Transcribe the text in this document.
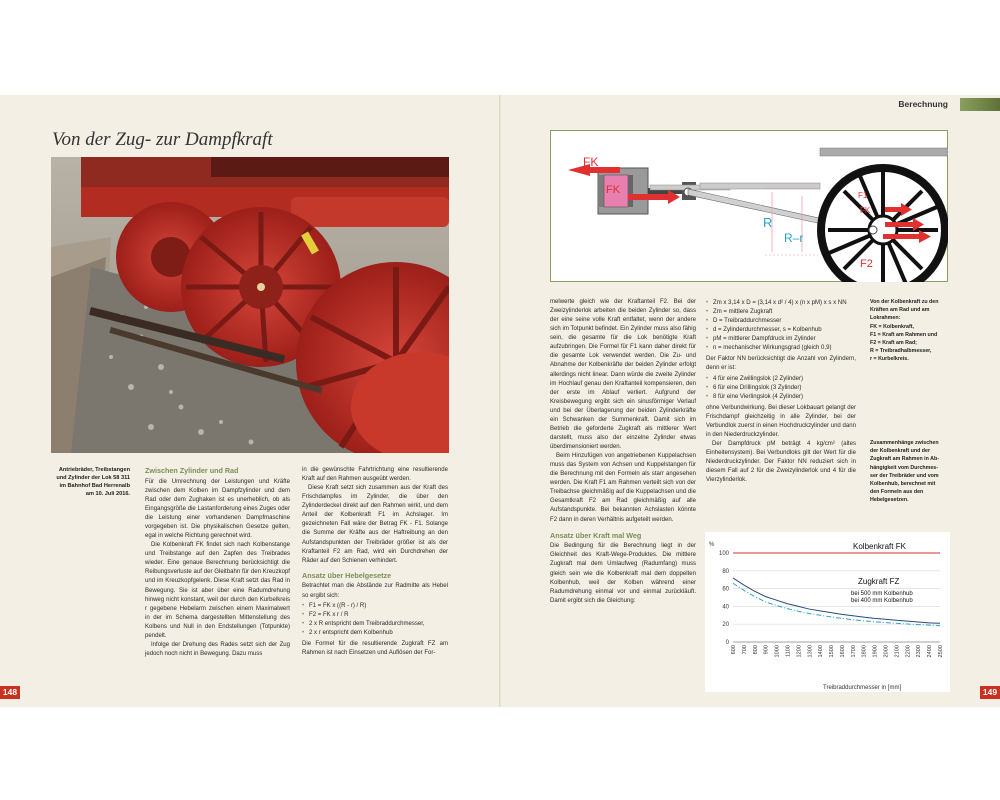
Von der Zug- zur Dampfkraft
Antriebräder, Treibstangen und Zylinder der Lok 58 311 im Bahnhof Bad Herrenalb am 10. Juli 2016.
Zwischen Zylinder und Rad

Für die Umrechnung der Leistungen und Kräfte zwischen dem Kolben im Dampfzylinder und dem Rad oder dem Zughaken ist es unerheblich, ob als Eingangsgröße die Lastanforderung eines Zuges oder die Leistung einer vorhandenen Dampfmaschine vorgegeben ist. Die physikalischen Gesetze gelten, egal in welche Richtung gerechnet wird.

Die Kolbenkraft FK findet sich nach Kolbenstange und Treibstange auf den Zapfen des Treibrades wieder. Eine genaue Berechnung berücksichtigt die Reibungsverluste auf der Gleitbahn für den Kreuzkopf und im Kreuzkopfgelenk. Diese Kraft setzt das Rad in Bewegung. Sie ist aber über eine Radumdrehung hinweg nicht konstant, weil der durch den Kurbelkreis r gegebene Hebelarm zwischen einem Maximalwert in der im Schema dargestellten Mittenstellung des Kolbens und Null in den Endstellungen (Totpunkte) pendelt.

Infolge der Drehung des Rades setzt sich der Zug jedoch noch nicht in Bewegung. Dazu muss

in die gewünschte Fahrtrichtung eine resultierende Kraft auf den Rahmen ausgeübt werden.

Diese Kraft setzt sich zusammen aus der Kraft des Frischdampfes im Zylinder, die über den Zylinderdeckel direkt auf den Rahmen wirkt, und dem Anteil der Kolbenkraft F1 im Achslager. Im gezeichneten Fall wäre der Betrag FK - F1. Solange die Summe der Kräfte aus der Haftreibung an den Aufstandspunkten der Treibräder größer ist als der Kraftanteil F2 am Rad, wird ein Durchdrehen der Räder auf den Schienen verhindert.

Ansatz über Hebelgesetze

Betrachtet man die Abstände zur Radmitte als Hebel so ergibt sich:

• F1 = FK x ((R - r) / R)
• F2 = FK x r / R
• 2 x R entspricht dem Treibraddurchmesser,
• 2 x r entspricht dem Kolbenhub

Die Formel für die resultierende Zugkraft FZ am Rahmen ist nach Einsetzen und Auflösen der For-

148
Berechnung
FK
FK
R
R–r
F1
FK
F2

melwerte gleich wie der Kraftanteil F2. Bei der Zweizylinderlok arbeiten die beiden Zylinder so, dass der eine seine volle Kraft entfaltet, wenn der andere sich im Totpunkt befindet. Ein Zylinder muss also fähig sein, die gesamte für die Lok benötigte Kraft aufzubringen. Die Formel für F1 kann daher direkt für die gesamte Lok verwendet werden. Die Zu- und Abnahme der Kolbenkräfte der beiden Zylinder erfolgt allerdings nicht linear. Dann würde die zweite Zylinder im Hochlauf genau den Kraftanteil kompensieren, den der erste im Ablauf verliert. Aufgrund der Kreisbewegung ergibt sich ein sinusförmiger Verlauf und bei der Überlagerung der beiden Zylinderkräfte ein Schwanken der Summenkraft. Damit sich im Betrieb die geforderte Zugkraft als mittlerer Wert darstellt, muss also der einzelne Zylinder etwas überdimensioniert werden.

Beim Hinzufügen von angetriebenen Kuppelachsen muss das System von Achsen und Kuppelstangen für die Berechnung mit den Formeln als starr angesehen werden. Die Kraft F1 am Rahmen verteilt sich von der Treibachse gleichmäßig auf die Kuppelachsen und die Gesamtkraft F2 am Rad gleichmäßig auf alle Aufstandspunkte. Bei bekannten Achslasten könnte F2 dann in deren Verhältnis aufgeteilt werden.

Ansatz über Kraft mal Weg

Die Bedingung für die Berechnung liegt in der Gleichheit des Kraft-Wege-Produktes. Die mittlere Zugkraft mal dem Umlaufweg (Radumfang) muss gleich sein wie die Kolbenkraft mal dem doppelten Kolbenhub, weil der Kolben während einer Radumdrehung einmal vor und einmal zurückläuft. Damit ergibt sich die Gleichung:

• Zm x 3,14 x D = (3,14 x d² / 4) x (n x pM) x s x NN
• Zm = mittlere Zugkraft
• D = Treibraddurchmesser
• d = Zylinderdurchmesser, s = Kolbenhub
• pM = mittlerer Dampfdruck im Zylinder
• n = mechanischer Wirkungsgrad (gleich 0,9)

Der Faktor NN berücksichtigt die Anzahl von Zylindern, denn er ist:

• 4 für eine Zwillingslok (2 Zylinder)
• 6 für eine Drillingslok (3 Zylinder)
• 8 für eine Vierlingslok (4 Zylinder)

ohne Verbundwirkung. Bei dieser Lokbauart gelangt der Frischdampf gleichzeitig in alle Zylinder, bei der Verbundlok zuerst in einen Hochdruckzylinder und dann in den Niederdruckzylinder.

Der Dampfdruck pM beträgt 4 kg/cm² (altes Einheitensystem). Bei Verbundloks gilt der Wert für die Niederdruckzylinder. Der Faktor NN reduziert sich in diesem Fall auf 2 für die Zweizylinderlok und 4 für die Vierzylinderlok.

Von der Kolbenkraft zu den
Kräften am Rad und am
Lokrahmen:
FK = Kolbenkraft,
F1 = Kraft am Rahmen und
F2 = Kraft am Rad;
R = Treibradhalbmesser,
r = Kurbelkreis.
Zusammenhänge zwischen
der Kolbenkraft und der
Zugkraft am Rahmen in Ab-
hängigkeit vom Durchmes-
ser der Treibräder und vom
Kolbenhub, berechnet mit
den Formeln aus den
Hebelgesetzen.
0
20
40
60
80
100
600 700 800 900 1000 1100 1200 1300 1400 1500 1600 1700 1800 1900 2000 2100 2200 2300 2400 2500
%	Kolbenkraft FK
Zugkraft FZ
bei 500 mm Kolbenhub
bei 400 mm Kolbenhub
Treibraddurchmesser in [mm]	149
